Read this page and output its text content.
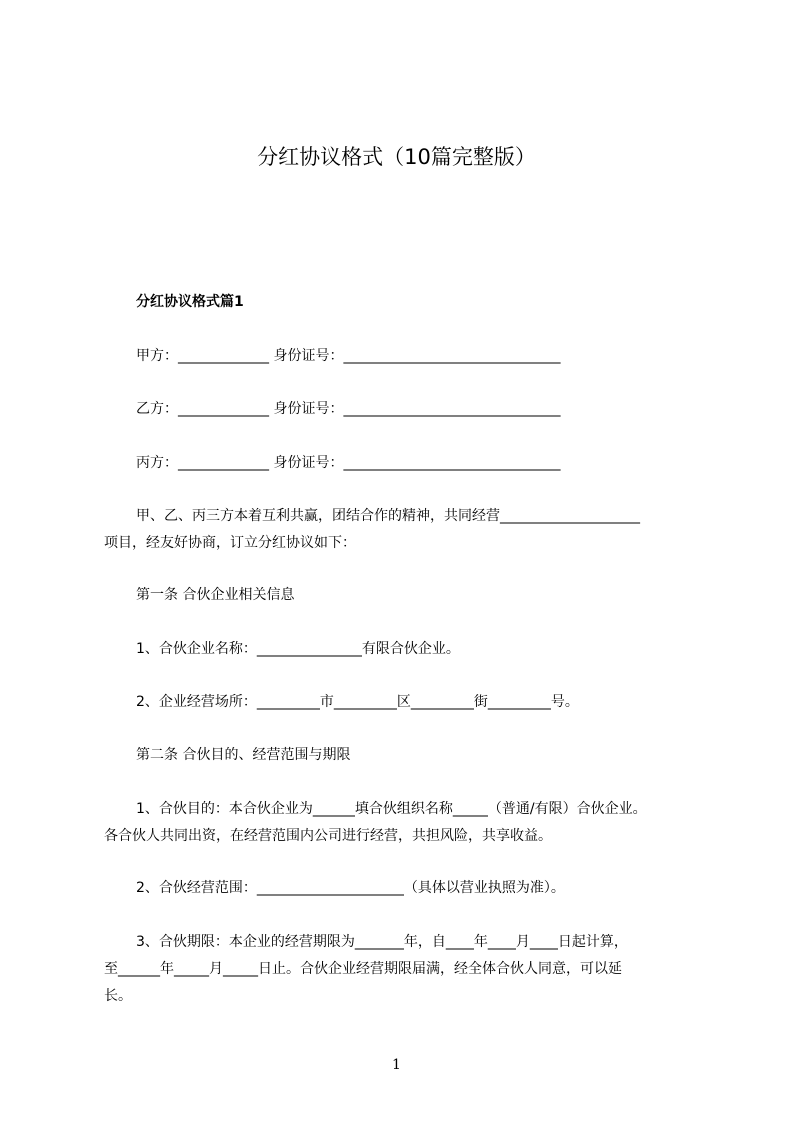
分红协议格式（10篇完整版）
分红协议格式篇1
甲方：_____________ 身份证号：_______________________________
乙方：_____________ 身份证号：_______________________________
丙方：_____________ 身份证号：_______________________________
甲、乙、丙三方本着互利共赢，团结合作的精神，共同经营____________________
项目，经友好协商，订立分红协议如下：
第一条 合伙企业相关信息
1、合伙企业名称：_______________有限合伙企业。
2、企业经营场所：_________市_________区_________街_________号。
第二条 合伙目的、经营范围与期限
1、合伙目的：本合伙企业为______填合伙组织名称_____（普通/有限）合伙企业。
各合伙人共同出资，在经营范围内公司进行经营，共担风险，共享收益。
2、合伙经营范围：_____________________（具体以营业执照为准）。
3、合伙期限：本企业的经营期限为_______年，自____年____月____日起计算，
至______年_____月_____日止。合伙企业经营期限届满，经全体合伙人同意，可以延
长。
1
